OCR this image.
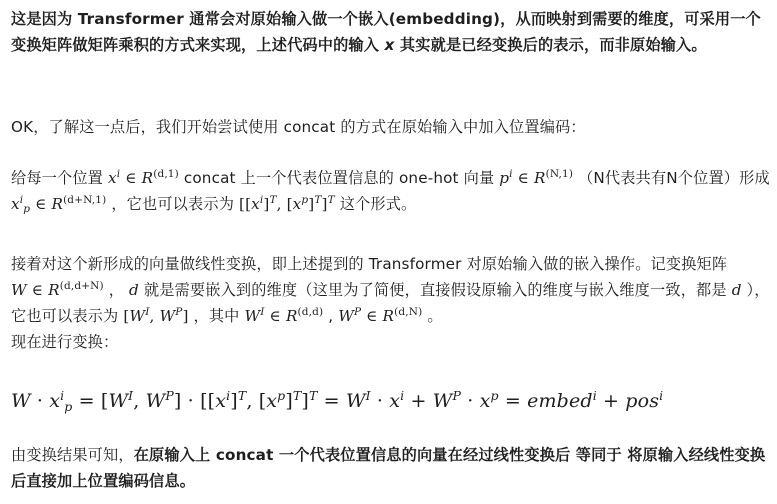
这是因为 Transformer 通常会对原始输入做一个嵌入(embedding)，从而映射到需要的维度，可采用一个变换矩阵做矩阵乘积的方式来实现，上述代码中的输入 x 其实就是已经变换后的表示，而非原始输入。

OK，了解这一点后，我们开始尝试使用 concat 的方式在原始输入中加入位置编码：

给每一个位置 $x^i$ ∈ R$^{(d,1)}$ concat 上一个代表位置信息的 one-hot 向量 $p^i$ ∈ $R^{(N,1)}$ （N代表共有N个位置）形成 $x^i_p$ ∈ $R^{(d+N,1)}$ ，它也可以表示为 [$[x^i]^T$, $[x^p]^T]^T$ 这个形式。

接着对这个新形成的向量做线性变换，即上述提到的 Transformer 对原始输入做的嵌入操作。记变换矩阵 W ∈ $R^{(d,d+N)}$ ， d 就是需要嵌入到的维度（这里为了简便，直接假设原输入的维度与嵌入维度一致，都是 d ）， 它也可以表示为 [$W^I$, $W^P$] ，其中 $W^I$ ∈ R$^{(d,d)}$ , $W^P$ ∈ $R^{(d,N)}$ 。
现在进行变换：

$W \cdot x^i_p = [W^I$, $W^P] \cdot [[x^i]^T$, $[x^p]^T]^T = W^I \cdot x^i + W^P \cdot x^p$ = embed$^i$ + pos$^i$

由变换结果可知，在原输入上 concat 一个代表位置信息的向量在经过线性变换后 等同于 将原输入经线性变换后直接加上位置编码信息。
